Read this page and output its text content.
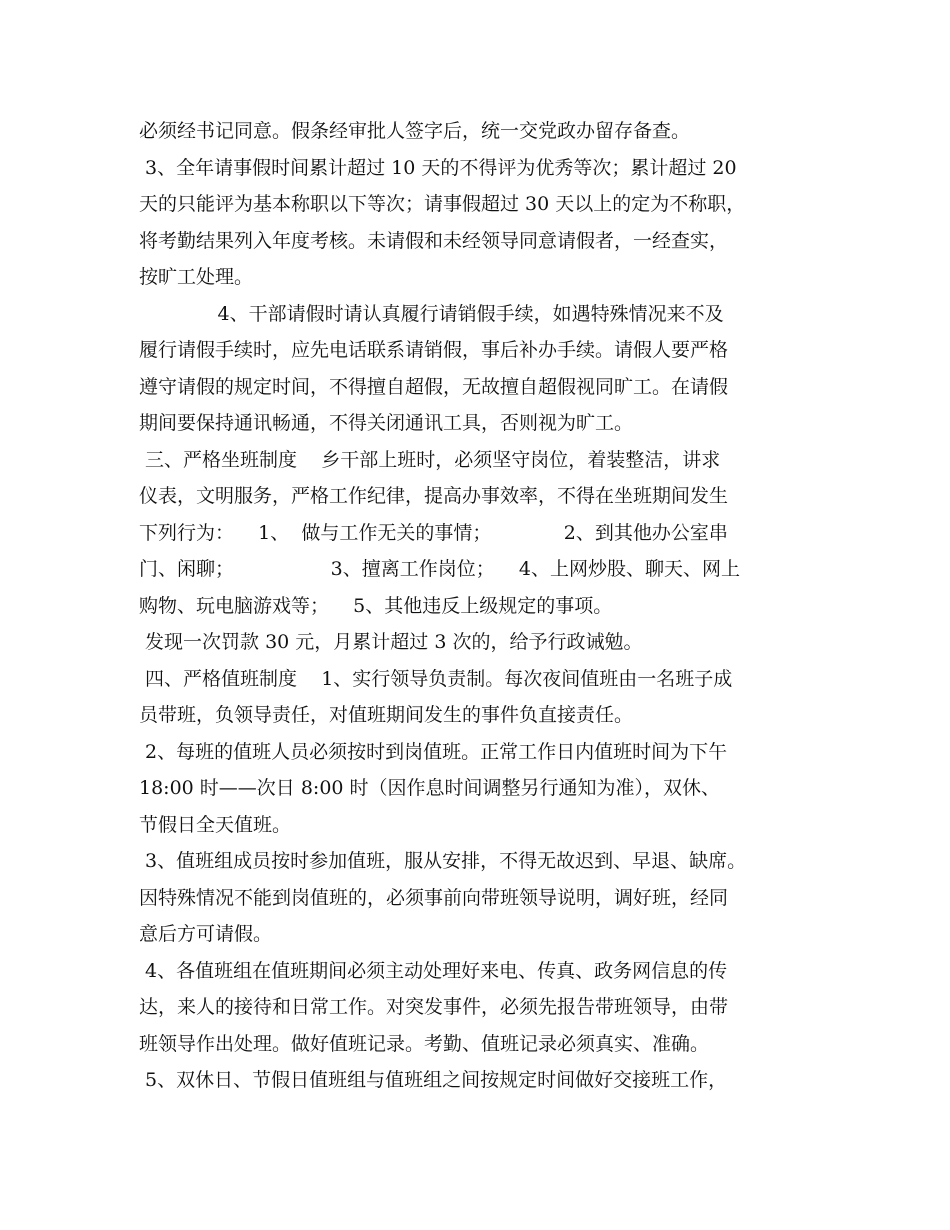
必须经书记同意。假条经审批人签字后，统一交党政办留存备查。
3、全年请事假时间累计超过 10 天的不得评为优秀等次；累计超过 20
天的只能评为基本称职以下等次；请事假超过 30 天以上的定为不称职，
将考勤结果列入年度考核。未请假和未经领导同意请假者，一经查实，
按旷工处理。
4、干部请假时请认真履行请销假手续，如遇特殊情况来不及
履行请假手续时，应先电话联系请销假，事后补办手续。请假人要严格
遵守请假的规定时间，不得擅自超假，无故擅自超假视同旷工。在请假
期间要保持通讯畅通，不得关闭通讯工具，否则视为旷工。
三、严格坐班制度    乡干部上班时，必须坚守岗位，着装整洁，讲求
仪表，文明服务，严格工作纪律，提高办事效率，不得在坐班期间发生
下列行为：    1、  做与工作无关的事情；            2、到其他办公室串
门、闲聊；                3、擅离工作岗位；    4、上网炒股、聊天、网上
购物、玩电脑游戏等；    5、其他违反上级规定的事项。
发现一次罚款 30 元，月累计超过 3 次的，给予行政诫勉。
四、严格值班制度    1、实行领导负责制。每次夜间值班由一名班子成
员带班，负领导责任，对值班期间发生的事件负直接责任。
2、每班的值班人员必须按时到岗值班。正常工作日内值班时间为下午
18:00 时——次日 8:00 时（因作息时间调整另行通知为准），双休、
节假日全天值班。
3、值班组成员按时参加值班，服从安排，不得无故迟到、早退、缺席。
因特殊情况不能到岗值班的，必须事前向带班领导说明，调好班，经同
意后方可请假。
4、各值班组在值班期间必须主动处理好来电、传真、政务网信息的传
达，来人的接待和日常工作。对突发事件，必须先报告带班领导，由带
班领导作出处理。做好值班记录。考勤、值班记录必须真实、准确。
5、双休日、节假日值班组与值班组之间按规定时间做好交接班工作，
